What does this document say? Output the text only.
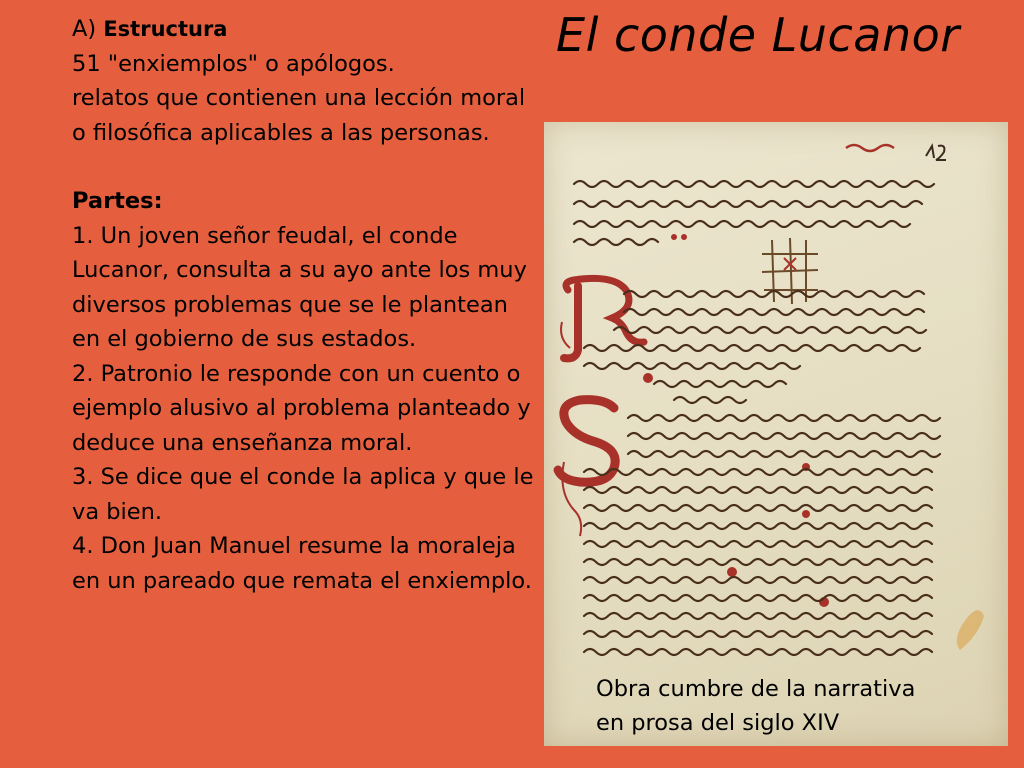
El conde Lucanor

A) Estructura

51 "enxiemplos" o apólogos.

relatos que contienen una lección moral o filosófica aplicables a las personas.

Partes:

1. Un joven señor feudal, el conde Lucanor, consulta a su ayo ante los muy diversos problemas que se le plantean en el gobierno de sus estados.

2. Patronio le responde con un cuento o ejemplo alusivo al problema planteado y deduce una enseñanza moral.

3. Se dice que el conde la aplica y que le va bien.

4. Don Juan Manuel resume la moraleja en un pareado que remata el enxiemplo.

Obra cumbre de la narrativa

en prosa del siglo XIV
